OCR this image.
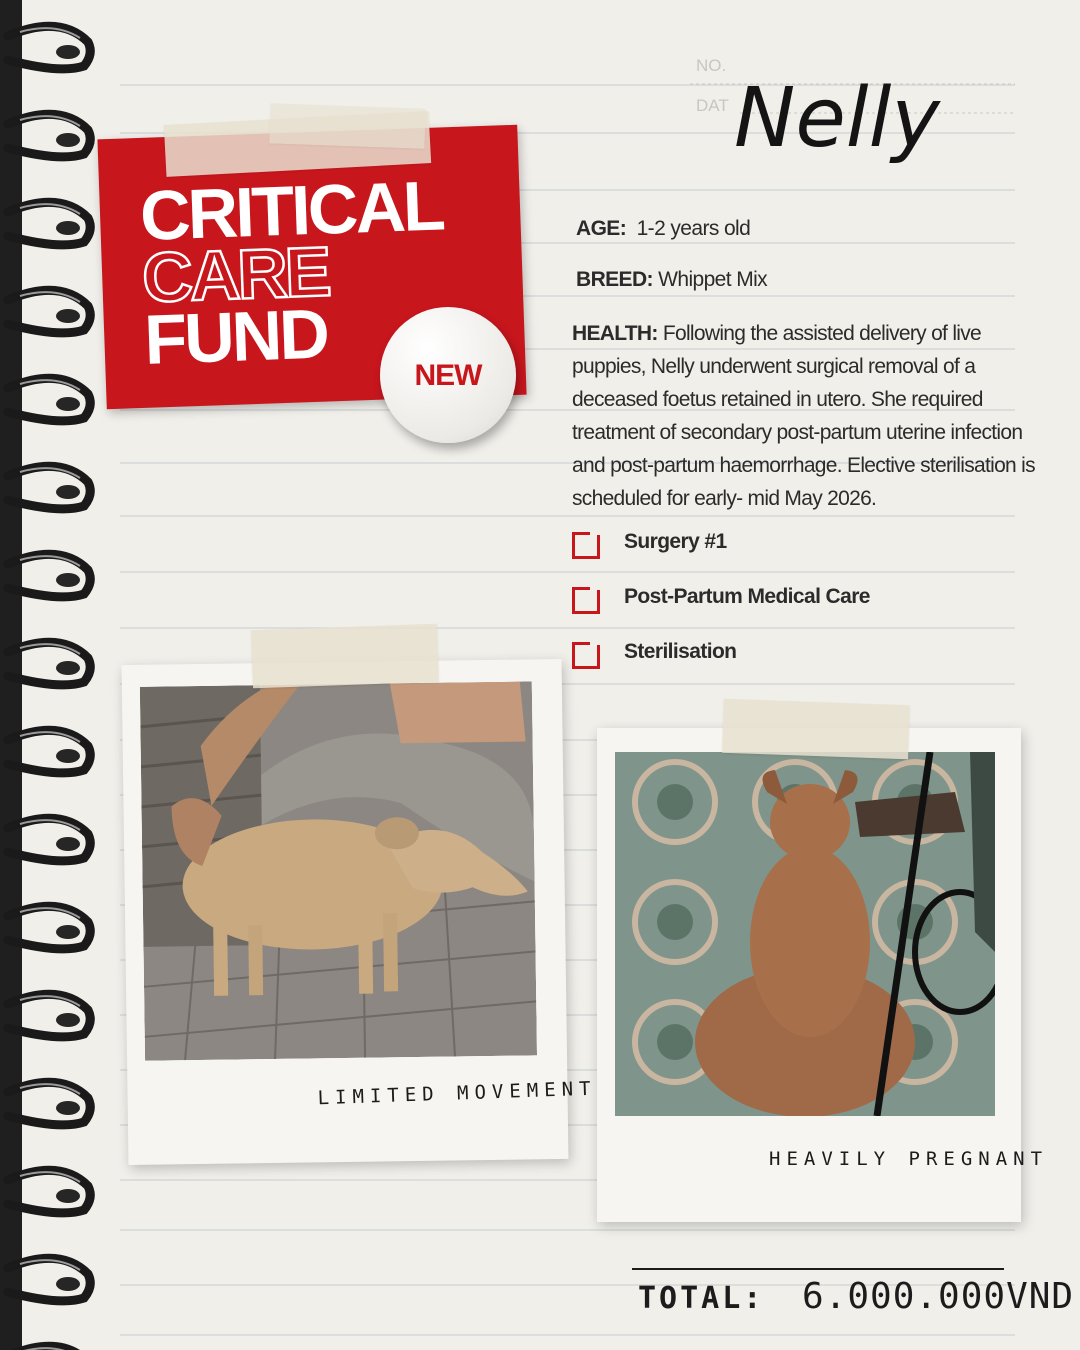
NO.
DAT Nelly
CRITICAL
CARE
FUND	NEW
AGE: 1-2 years old
BREED: Whippet Mix
HEALTH: Following the assisted delivery of live puppies, Nelly underwent surgical removal of a deceased foetus retained in utero. She required treatment of secondary post-partum uterine infection and post-partum haemorrhage. Elective sterilisation is scheduled for early- mid May 2026.
Surgery #1
Post-Partum Medical Care
Sterilisation
LIMITED MOVEMENT
HEAVILY PREGNANT
TOTAL: 6.000.000VND
